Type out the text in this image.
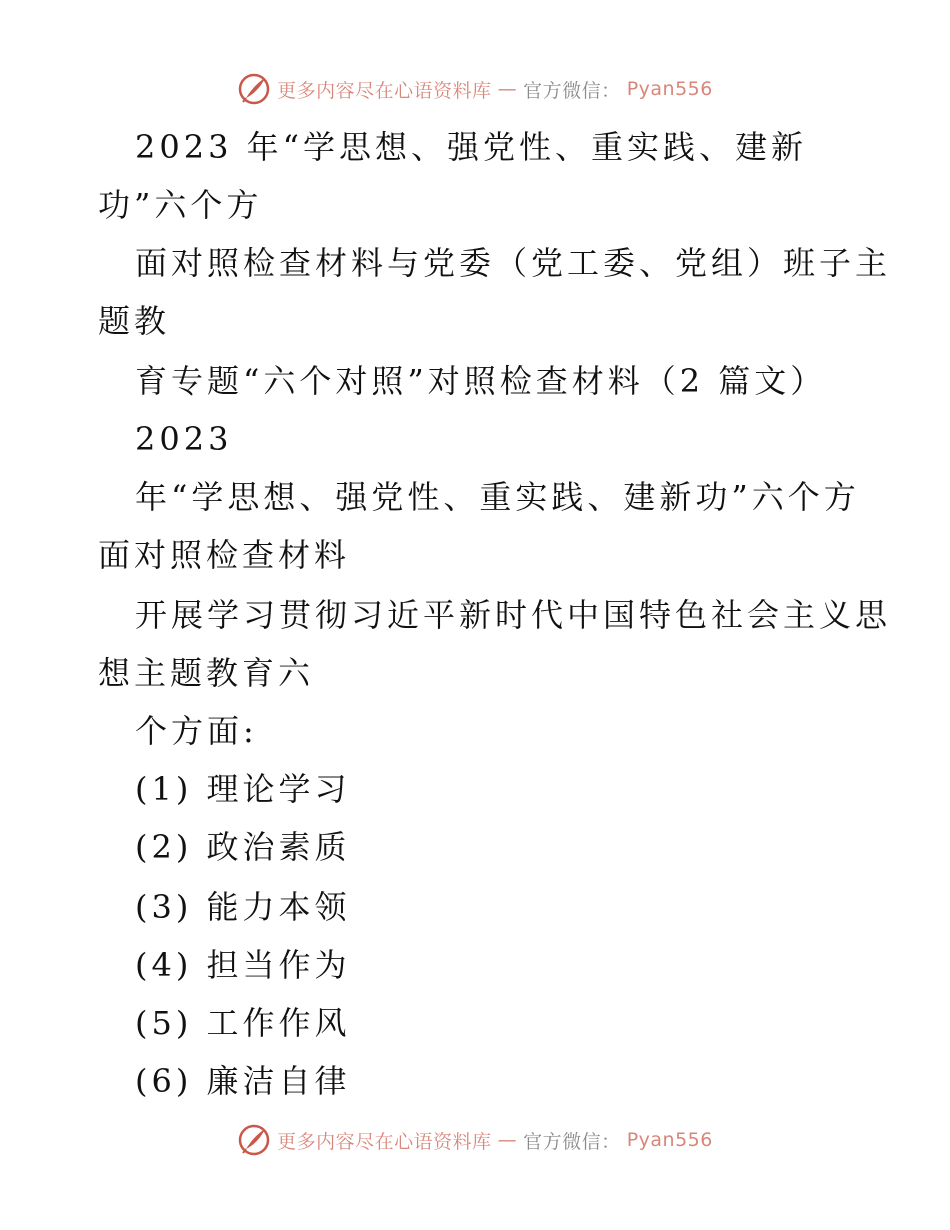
更多内容尽在心语资料库 — 官方微信： Pyan556
2023 年“学思想、强党性、重实践、建新
功”六个方
面对照检查材料与党委（党工委、党组）班子主
题教
育专题“六个对照”对照检查材料（2 篇文）
2023
年“学思想、强党性、重实践、建新功”六个方
面对照检查材料
开展学习贯彻习近平新时代中国特色社会主义思
想主题教育六
个方面:
(1) 理论学习
(2) 政治素质
(3) 能力本领
(4) 担当作为
(5) 工作作风
(6) 廉洁自律
更多内容尽在心语资料库 — 官方微信： Pyan556
